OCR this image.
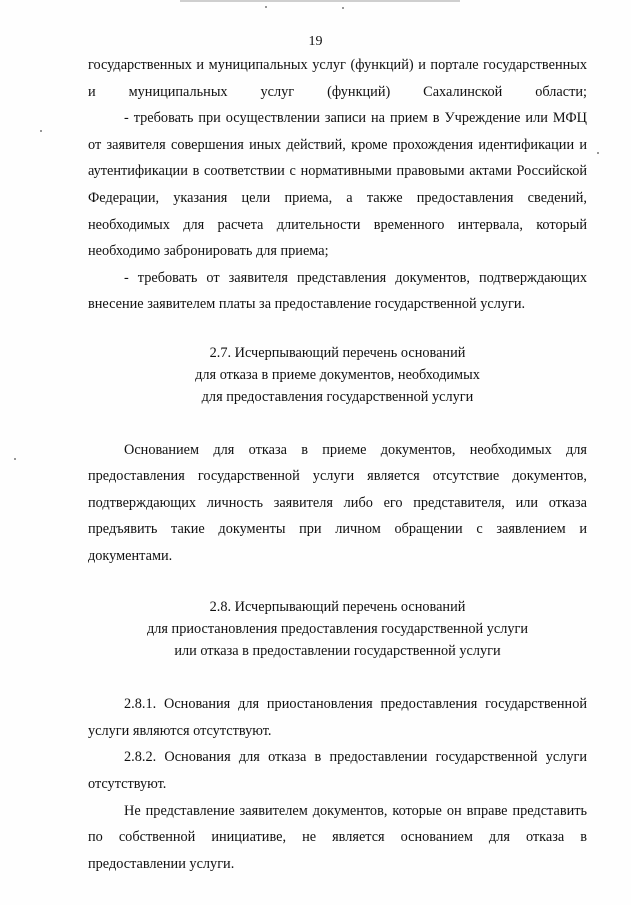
19

государственных и муниципальных услуг (функций) и порталe государственных и муниципальных услуг (функций) Сахалинской области;

- требовать при осуществлении записи на прием в Учреждение или МФЦ от заявителя совершения иных действий, кроме прохождения идентификации и аутентификации в соответствии с нормативными правовыми актами Российской Федерации, указания цели приема, а также предоставления сведений, необходимых для расчета длительности временного интервала, который необходимо забронировать для приема;

- требовать от заявителя представления документов, подтверждающих внесение заявителем платы за предоставление государственной услуги.

2.7. Исчерпывающий перечень оснований
для отказа в приеме документов, необходимых
для предоставления государственной услуги

Основанием для отказа в приеме документов, необходимых для предоставления государственной услуги является отсутствие документов, подтверждающих личность заявителя либо его представителя, или отказа предъявить такие документы при личном обращении с заявлением и документами.

2.8. Исчерпывающий перечень оснований
для приостановления предоставления государственной услуги
или отказа в предоставлении государственной услуги

2.8.1. Основания для приостановления предоставления государственной услуги являются отсутствуют.

2.8.2. Основания для отказа в предоставлении государственной услуги отсутствуют.

Не представление заявителем документов, которые он вправе представить по собственной инициативе, не является основанием для отказа в предоставлении услуги.
